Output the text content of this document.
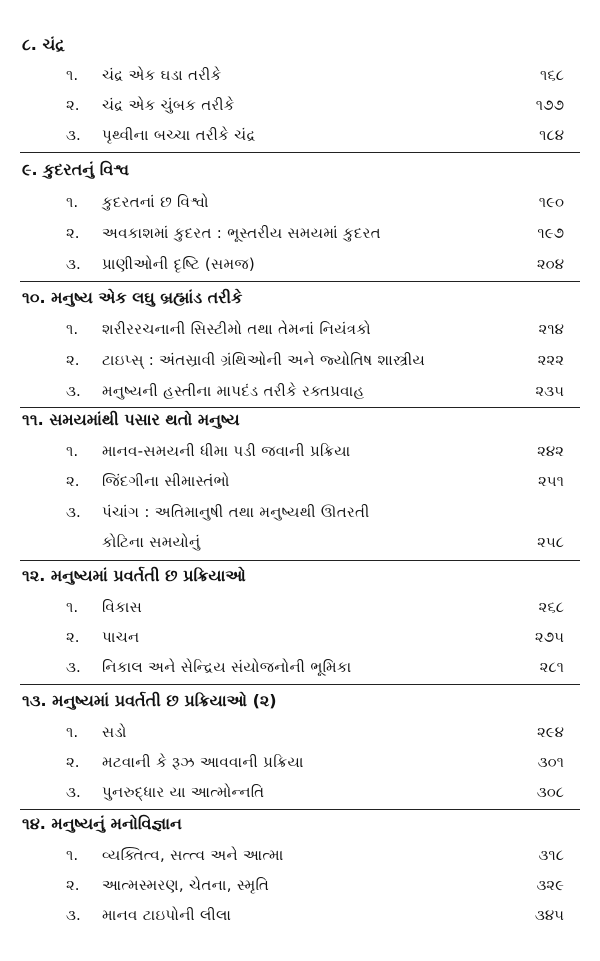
૮. ચંદ્ર
૧. ચંદ્ર એક ઘડા તરીકે	૧૬૮
૨. ચંદ્ર એક ચુંબક તરીકે	૧૭૭
૩. પૃથ્વીના બચ્ચા તરીકે ચંદ્ર	૧૮૪
૯. કુદરતનું વિશ્વ
૧. કુદરતનાં છ વિશ્વો	૧૯૦
૨. અવકાશમાં કુદરત : ભૂસ્તરીય સમયમાં કુદરત	૧૯૭
૩. પ્રાણીઓની દૃષ્ટિ (સમજ)	૨૦૪
૧૦. મનુષ્ય એક લઘુ બ્રહ્માંડ તરીકે
૧. શરીરરચનાની સિસ્ટીમો તથા તેમનાં નિયંત્રકો	૨૧૪
૨. ટાઇપ્સ્ : અંતસ્રાવી ગ્રંથિઓની અને જ્યોતિષ શાસ્ત્રીય	૨૨૨
૩. મનુષ્યની હસ્તીના માપદંડ તરીકે રક્તપ્રવાહ	૨૩૫
૧૧. સમયમાંથી પસાર થતો મનુષ્ય
૧. માનવ-સમયની ધીમા પડી જવાની પ્રક્રિયા	૨૪૨
૨. જિંદગીના સીમાસ્તંભો	૨૫૧
૩. પંચાંગ : અતિમાનુષી તથા મનુષ્યથી ઊતરતી
કોટિના સમયોનું	૨૫૮
૧૨. મનુષ્યમાં પ્રવર્તતી છ પ્રક્રિયાઓ
૧. વિકાસ	૨૬૮
૨. પાચન	૨૭૫
૩. નિકાલ અને સેન્દ્રિય સંયોજનોની ભૂમિકા	૨૮૧
૧૩. મનુષ્યમાં પ્રવર્તતી છ પ્રક્રિયાઓ (૨)
૧. સડો	૨૯૪
૨. મટવાની કે રૂઝ આવવાની પ્રક્રિયા	૩૦૧
૩. પુનરુદ્ધાર યા આત્મોન્નતિ	૩૦૮
૧૪. મનુષ્યનું મનોવિજ્ઞાન
૧. વ્યક્તિત્વ, સત્ત્વ અને આત્મા	૩૧૮
૨. આત્મસ્મરણ, ચેતના, સ્મૃતિ	૩૨૯
૩. માનવ ટાઇપોની લીલા	૩૪૫
